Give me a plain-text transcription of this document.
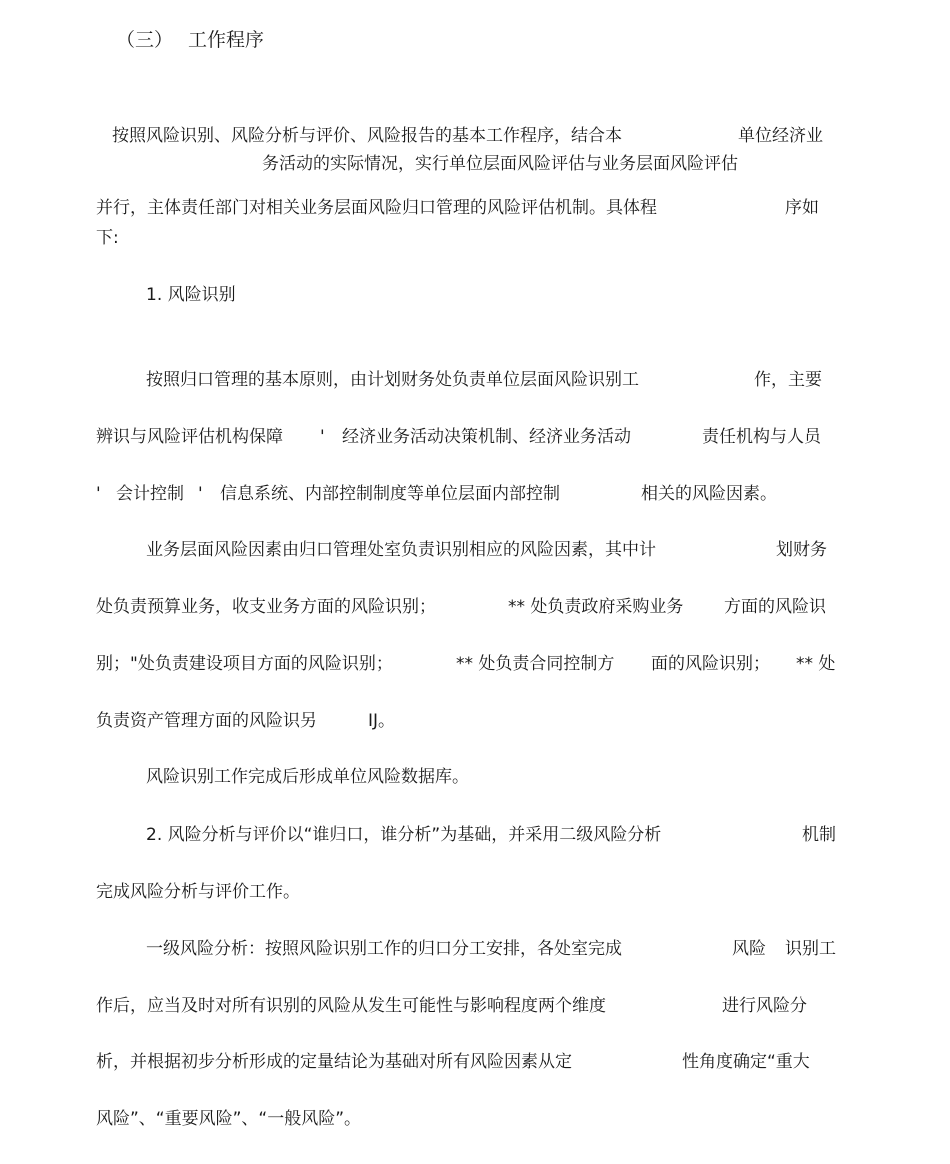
（三） 工作程序
按照风险识别、风险分析与评价、风险报告的基本工作程序，结合本	单位经济业
务活动的实际情况，实行单位层面风险评估与业务层面风险评估
并行，主体责任部门对相关业务层面风险归口管理的风险评估机制。具体程	序如
下:
1. 风险识别
按照归口管理的基本原则，由计划财务处负责单位层面风险识别工	作，主要
辨识与风险评估机构保障 ' 经济业务活动决策机制、经济业务活动	责任机构与人员
' 会计控制 ' 信息系统、内部控制制度等单位层面内部控制	相关的风险因素。
业务层面风险因素由归口管理处室负责识别相应的风险因素，其中计	划财务
处负责预算业务，收支业务方面的风险识别；	** 处负责政府采购业务 方面的风险识
别；"处负责建设项目方面的风险识别；	** 处负责合同控制方 面的风险识别； ** 处
负责资产管理方面的风险识另	IJ。
风险识别工作完成后形成单位风险数据库。
2. 风险分析与评价以“谁归口，谁分析”为基础，并采用二级风险分析	机制
完成风险分析与评价工作。
一级风险分析：按照风险识别工作的归口分工安排，各处室完成	风险 识别工
作后，应当及时对所有识别的风险从发生可能性与影响程度两个维度	进行风险分
析，并根据初步分析形成的定量结论为基础对所有风险因素从定	性角度确定“重大
风险”、“重要风险”、“一般风险”。
